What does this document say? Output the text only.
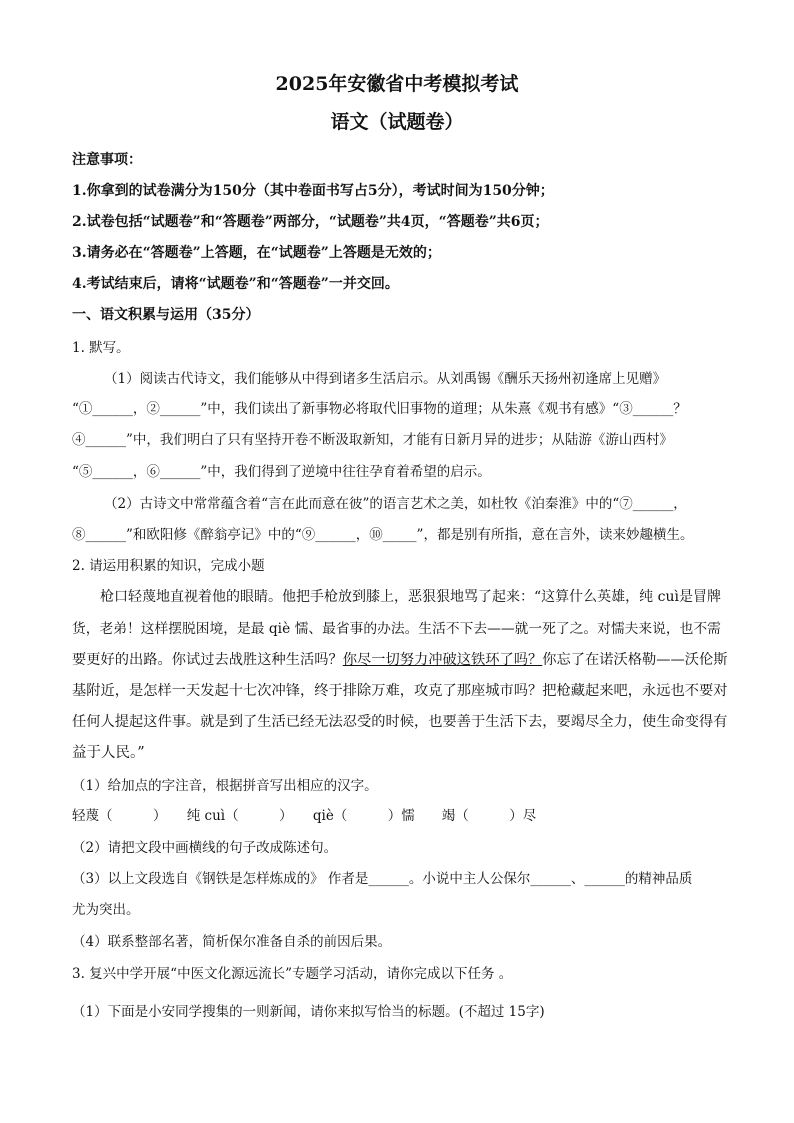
2025年安徽省中考模拟考试
语文（试题卷）
注意事项：
1.你拿到的试卷满分为150分（其中卷面书写占5分），考试时间为150分钟；
2.试卷包括“试题卷”和“答题卷”两部分，“试题卷”共4页，“答题卷”共6页；
3.请务必在“答题卷”上答题，在“试题卷”上答题是无效的；
4.考试结束后，请将“试题卷”和“答题卷”一并交回。
一、语文积累与运用（35分）
1. 默写。
（1）阅读古代诗文，我们能够从中得到诸多生活启示。从刘禹锡《酬乐天扬州初逢席上见赠》
“①______，②______”中，我们读出了新事物必将取代旧事物的道理；从朱熹《观书有感》“③______？
④______”中，我们明白了只有坚持开卷不断汲取新知，才能有日新月异的进步；从陆游《游山西村》
“⑤______，⑥______”中，我们得到了逆境中往往孕育着希望的启示。
（2）古诗文中常常蕴含着“言在此而意在彼”的语言艺术之美，如杜牧《泊秦淮》中的“⑦______，
⑧______”和欧阳修《醉翁亭记》中的“⑨______，⑩_____”，都是别有所指，意在言外，读来妙趣横生。
2. 请运用积累的知识，完成小题
枪口轻蔑地直视着他的眼睛。他把手枪放到膝上，恶狠狠地骂了起来：“这算什么英雄，纯 cuì是冒牌
货，老弟！这样摆脱困境，是最 qiè 懦、最省事的办法。生活不下去——就一死了之。对懦夫来说，也不需
要更好的出路。你试过去战胜这种生活吗？你尽一切努力冲破这铁环了吗？你忘了在诺沃格勒——沃伦斯
基附近，是怎样一天发起十七次冲锋，终于排除万难，攻克了那座城市吗？把枪藏起来吧，永远也不要对
任何人提起这件事。就是到了生活已经无法忍受的时候，也要善于生活下去，要竭尽全力，使生命变得有
益于人民。”
（1）给加点的字注音，根据拼音写出相应的汉字。
轻蔑（　　　）　　纯 cuì（　　　）　　qiè（　　　）懦　　竭（　　　）尽
（2）请把文段中画横线的句子改成陈述句。
（3）以上文段选自《钢铁是怎样炼成的》 作者是______。小说中主人公保尔______、______的精神品质
尤为突出。
（4）联系整部名著，简析保尔准备自杀的前因后果。
3. 复兴中学开展“中医文化源远流长”专题学习活动，请你完成以下任务 。
（1）下面是小安同学搜集的一则新闻，请你来拟写恰当的标题。(不超过 15字)
